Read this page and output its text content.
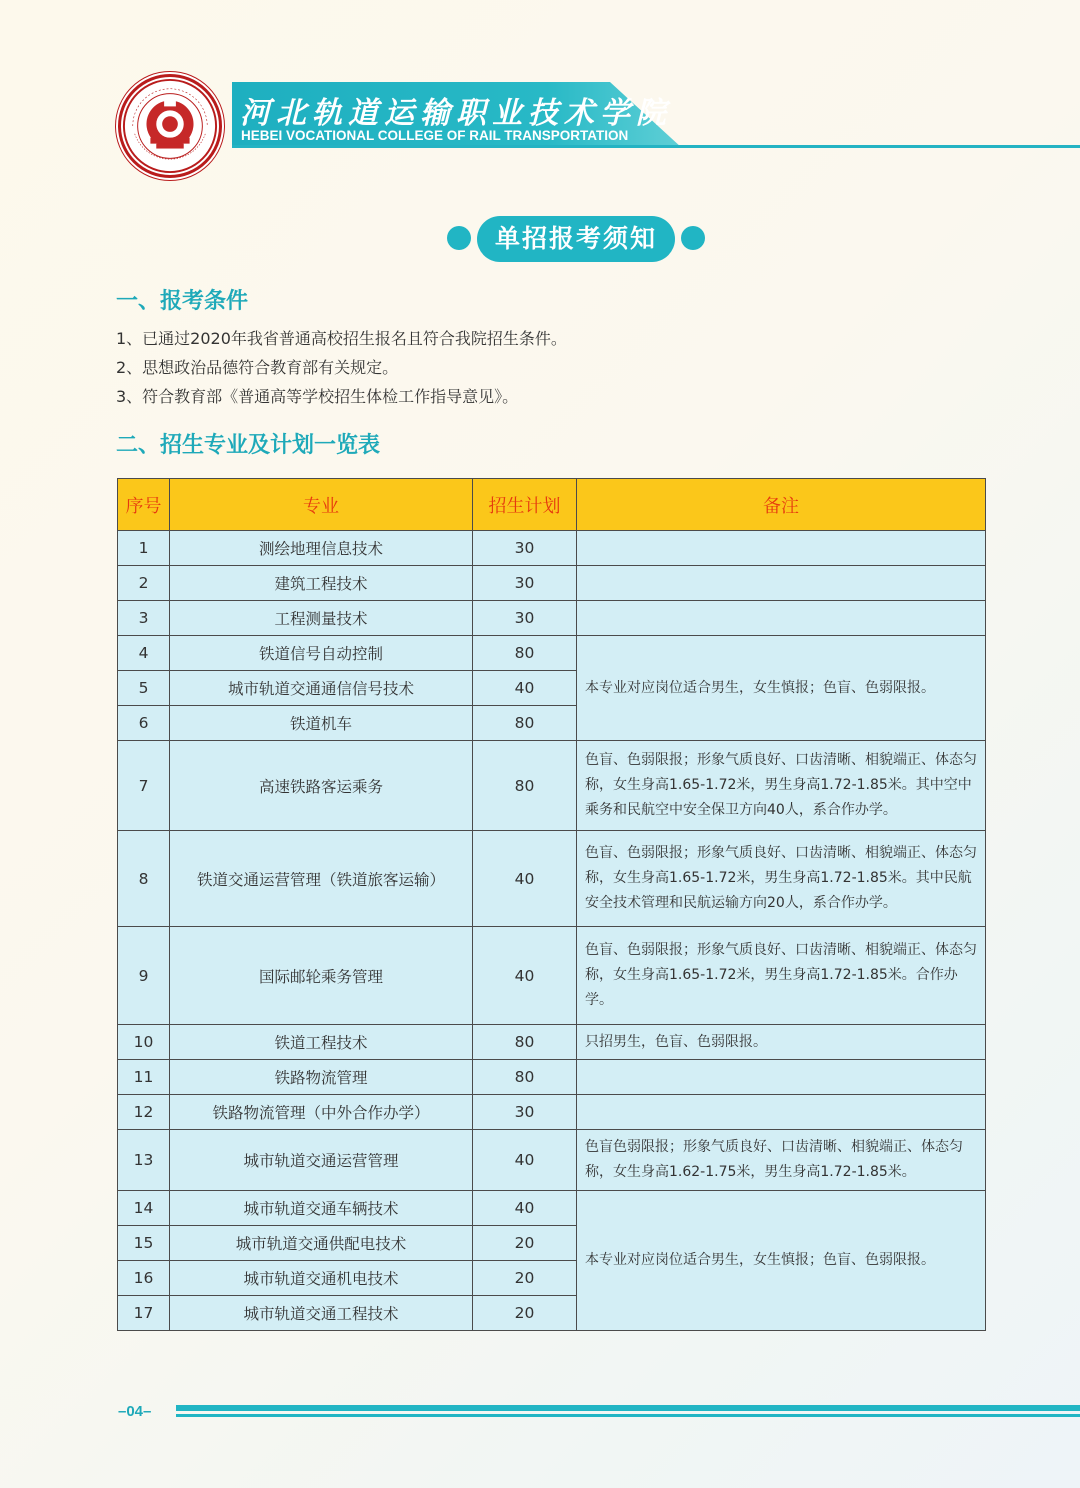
河北轨道运输职业技术学院
HEBEI VOCATIONAL COLLEGE OF RAIL TRANSPORTATION
单招报考须知
一、报考条件
1、已通过2020年我省普通高校招生报名且符合我院招生条件。
2、思想政治品德符合教育部有关规定。
3、符合教育部《普通高等学校招生体检工作指导意见》。
二、招生专业及计划一览表
序号	专业	招生计划	备注
1	测绘地理信息技术	30	
2	建筑工程技术	30	
3	工程测量技术	30	
4	铁道信号自动控制	80	本专业对应岗位适合男生，女生慎报；色盲、色弱限报。
5	城市轨道交通通信信号技术	40	
6	铁道机车	80	
7	高速铁路客运乘务	80	色盲、色弱限报；形象气质良好、口齿清晰、相貌端正、体态匀称，女生身高1.65-1.72米，男生身高1.72-1.85米。其中空中乘务和民航空中安全保卫方向40人，系合作办学。
8	铁道交通运营管理（铁道旅客运输）	40	色盲、色弱限报；形象气质良好、口齿清晰、相貌端正、体态匀称，女生身高1.65-1.72米，男生身高1.72-1.85米。其中民航安全技术管理和民航运输方向20人，系合作办学。
9	国际邮轮乘务管理	40	色盲、色弱限报；形象气质良好、口齿清晰、相貌端正、体态匀称，女生身高1.65-1.72米，男生身高1.72-1.85米。合作办学。
10	铁道工程技术	80	只招男生，色盲、色弱限报。
11	铁路物流管理	80	
12	铁路物流管理（中外合作办学）	30	
13	城市轨道交通运营管理	40	色盲色弱限报；形象气质良好、口齿清晰、相貌端正、体态匀称，女生身高1.62-1.75米，男生身高1.72-1.85米。
14	城市轨道交通车辆技术	40	本专业对应岗位适合男生，女生慎报；色盲、色弱限报。
15	城市轨道交通供配电技术	20	
16	城市轨道交通机电技术	20	
17	城市轨道交通工程技术	20	
–04–
